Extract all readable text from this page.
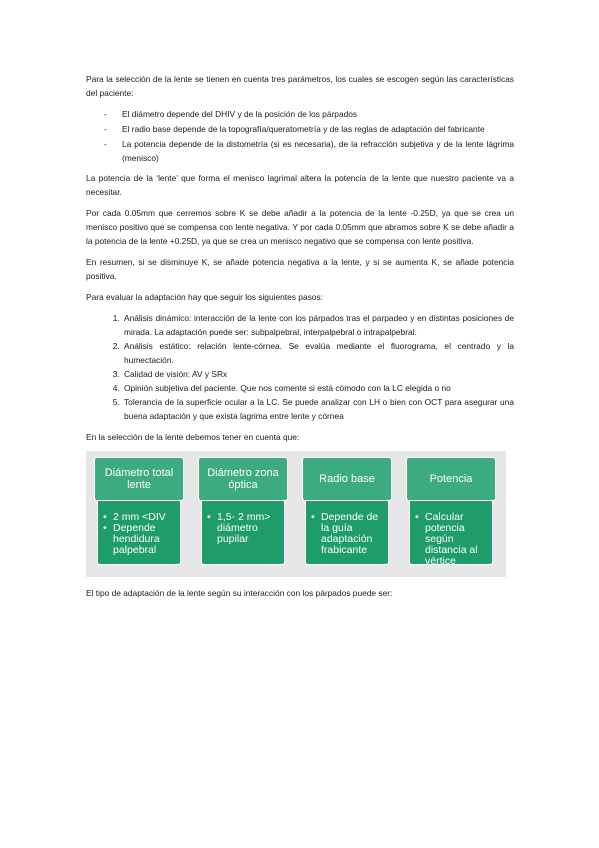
Para la selección de la lente se tienen en cuenta tres parámetros, los cuales se escogen según las características del paciente:

- El diámetro depende del DHIV y de la posición de los párpados
- El radio base depende de la topografía/queratometría y de las reglas de adaptación del fabricante
- La potencia depende de la distometría (si es necesaria), de la refracción subjetiva y de la lente lágrima (menisco)

La potencia de la ‘lente’ que forma el menisco lagrimal altera la potencia de la lente que nuestro paciente va a necesitar.

Por cada 0.05mm que cerremos sobre K se debe añadir a la potencia de la lente -0.25D, ya que se crea un menisco positivo que se compensa con lente negativa. Y por cada 0.05mm que abramos sobre K se debe añadir a la potencia de la lente +0.25D, ya que se crea un menisco negativo que se compensa con lente positiva.

En resumen, si se disminuye K, se añade potencia negativa a la lente, y si se aumenta K, se añade potencia positiva.

Para evaluar la adaptación hay que seguir los siguientes pasos:

1. Análisis dinámico: interacción de la lente con los párpados tras el parpadeo y en distintas posiciones de mirada. La adaptación puede ser: subpalpebral, interpalpebral o intrapalpebral.
2. Análisis estático: relación lente-córnea. Se evalúa mediante el fluorograma, el centrado y la humectación.
3. Calidad de visión: AV y SRx
4. Opinión subjetiva del paciente. Que nos comente si está cómodo con la LC elegida o no
5. Tolerancia de la superficie ocular a la LC. Se puede analizar con LH o bien con OCT para asegurar una buena adaptación y que exista lagrima entre lente y córnea

En la selección de la lente debemos tener en cuenta que:

• 2 mm <DIV
• Depende hendidura palpebral
Diámetro total lente
• 1,5- 2 mm> diámetro pupilar
Diámetro zona óptica
• Depende de la guía adaptación frabicante
Radio base
• Calcular potencia según distancia al vértice
Potencia

El tipo de adaptación de la lente según su interacción con los párpados puede ser:
